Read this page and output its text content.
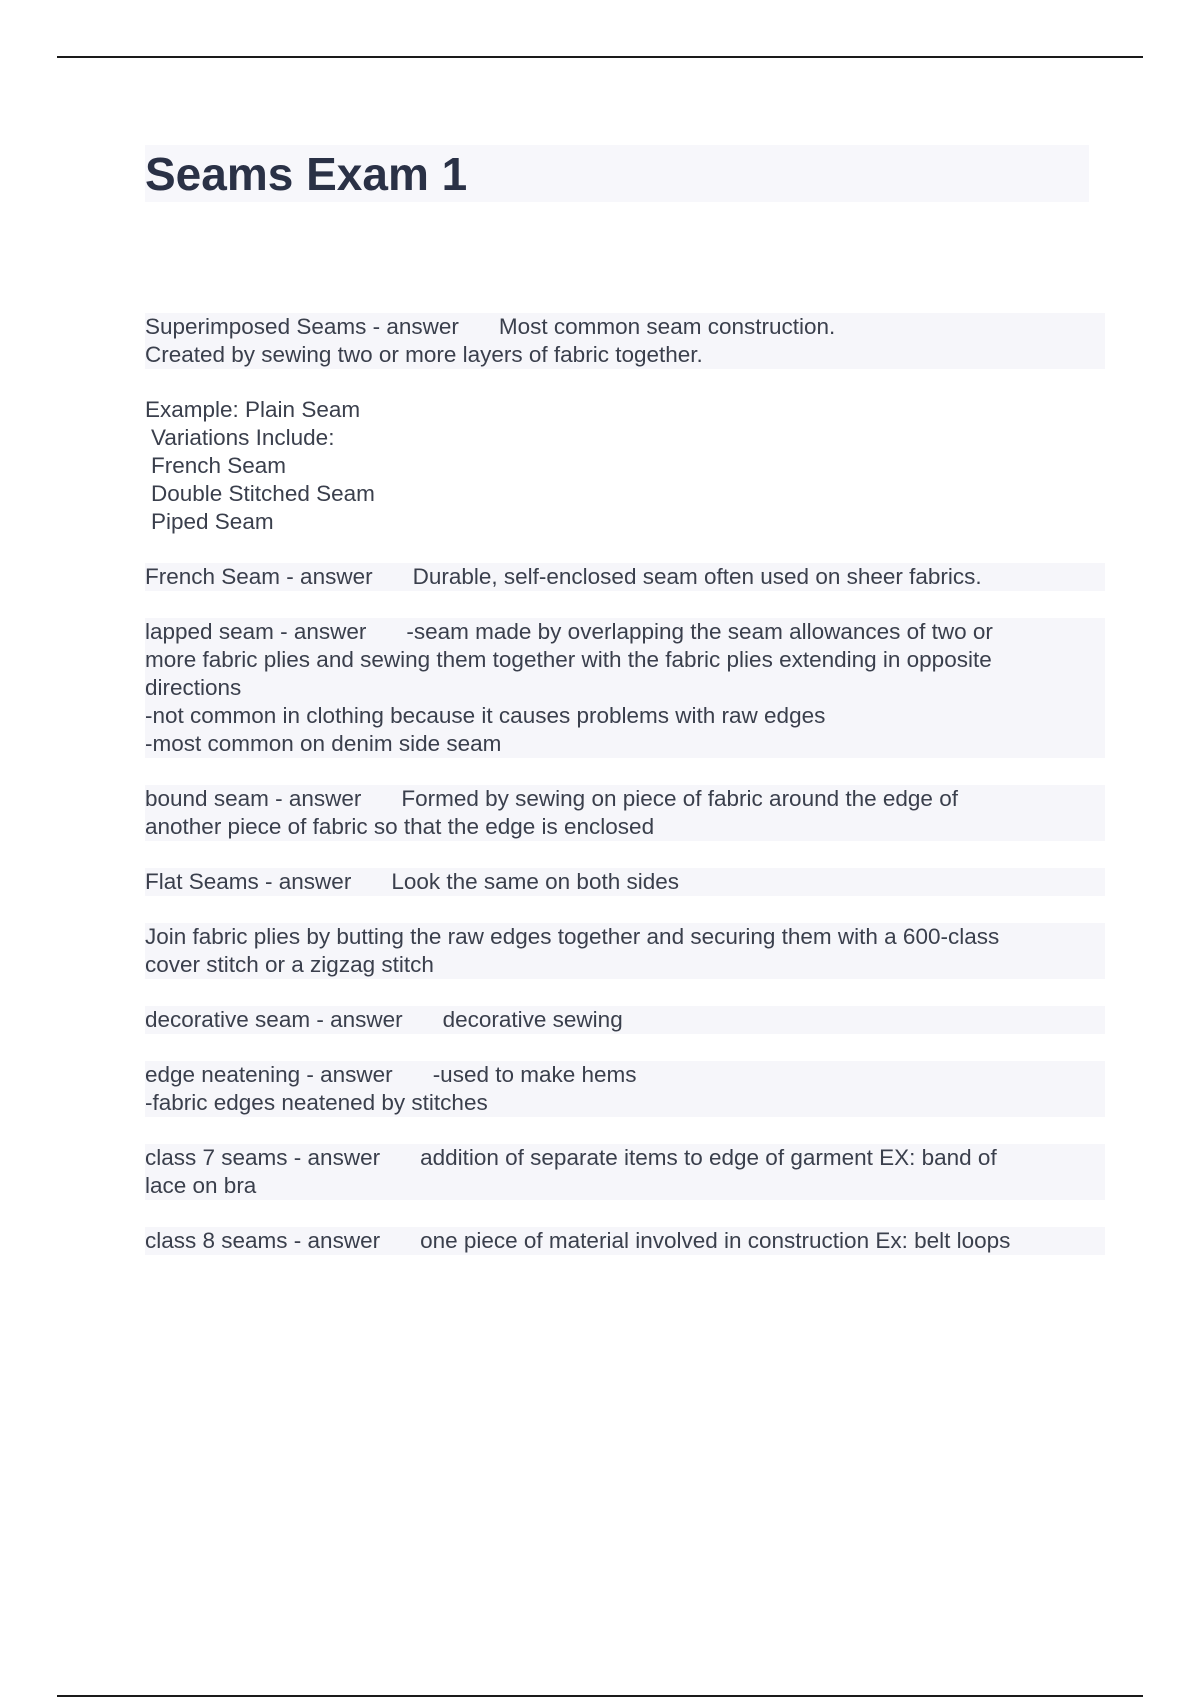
Seams Exam 1
Superimposed Seams - answer Most common seam construction.
Created by sewing two or more layers of fabric together.
Example: Plain Seam
Variations Include:
French Seam
Double Stitched Seam
Piped Seam
French Seam - answer Durable, self-enclosed seam often used on sheer fabrics.
lapped seam - answer -seam made by overlapping the seam allowances of two or
more fabric plies and sewing them together with the fabric plies extending in opposite
directions
-not common in clothing because it causes problems with raw edges
-most common on denim side seam
bound seam - answer Formed by sewing on piece of fabric around the edge of
another piece of fabric so that the edge is enclosed
Flat Seams - answer Look the same on both sides
Join fabric plies by butting the raw edges together and securing them with a 600-class
cover stitch or a zigzag stitch
decorative seam - answer decorative sewing
edge neatening - answer -used to make hems
-fabric edges neatened by stitches
class 7 seams - answer addition of separate items to edge of garment EX: band of
lace on bra
class 8 seams - answer one piece of material involved in construction Ex: belt loops
